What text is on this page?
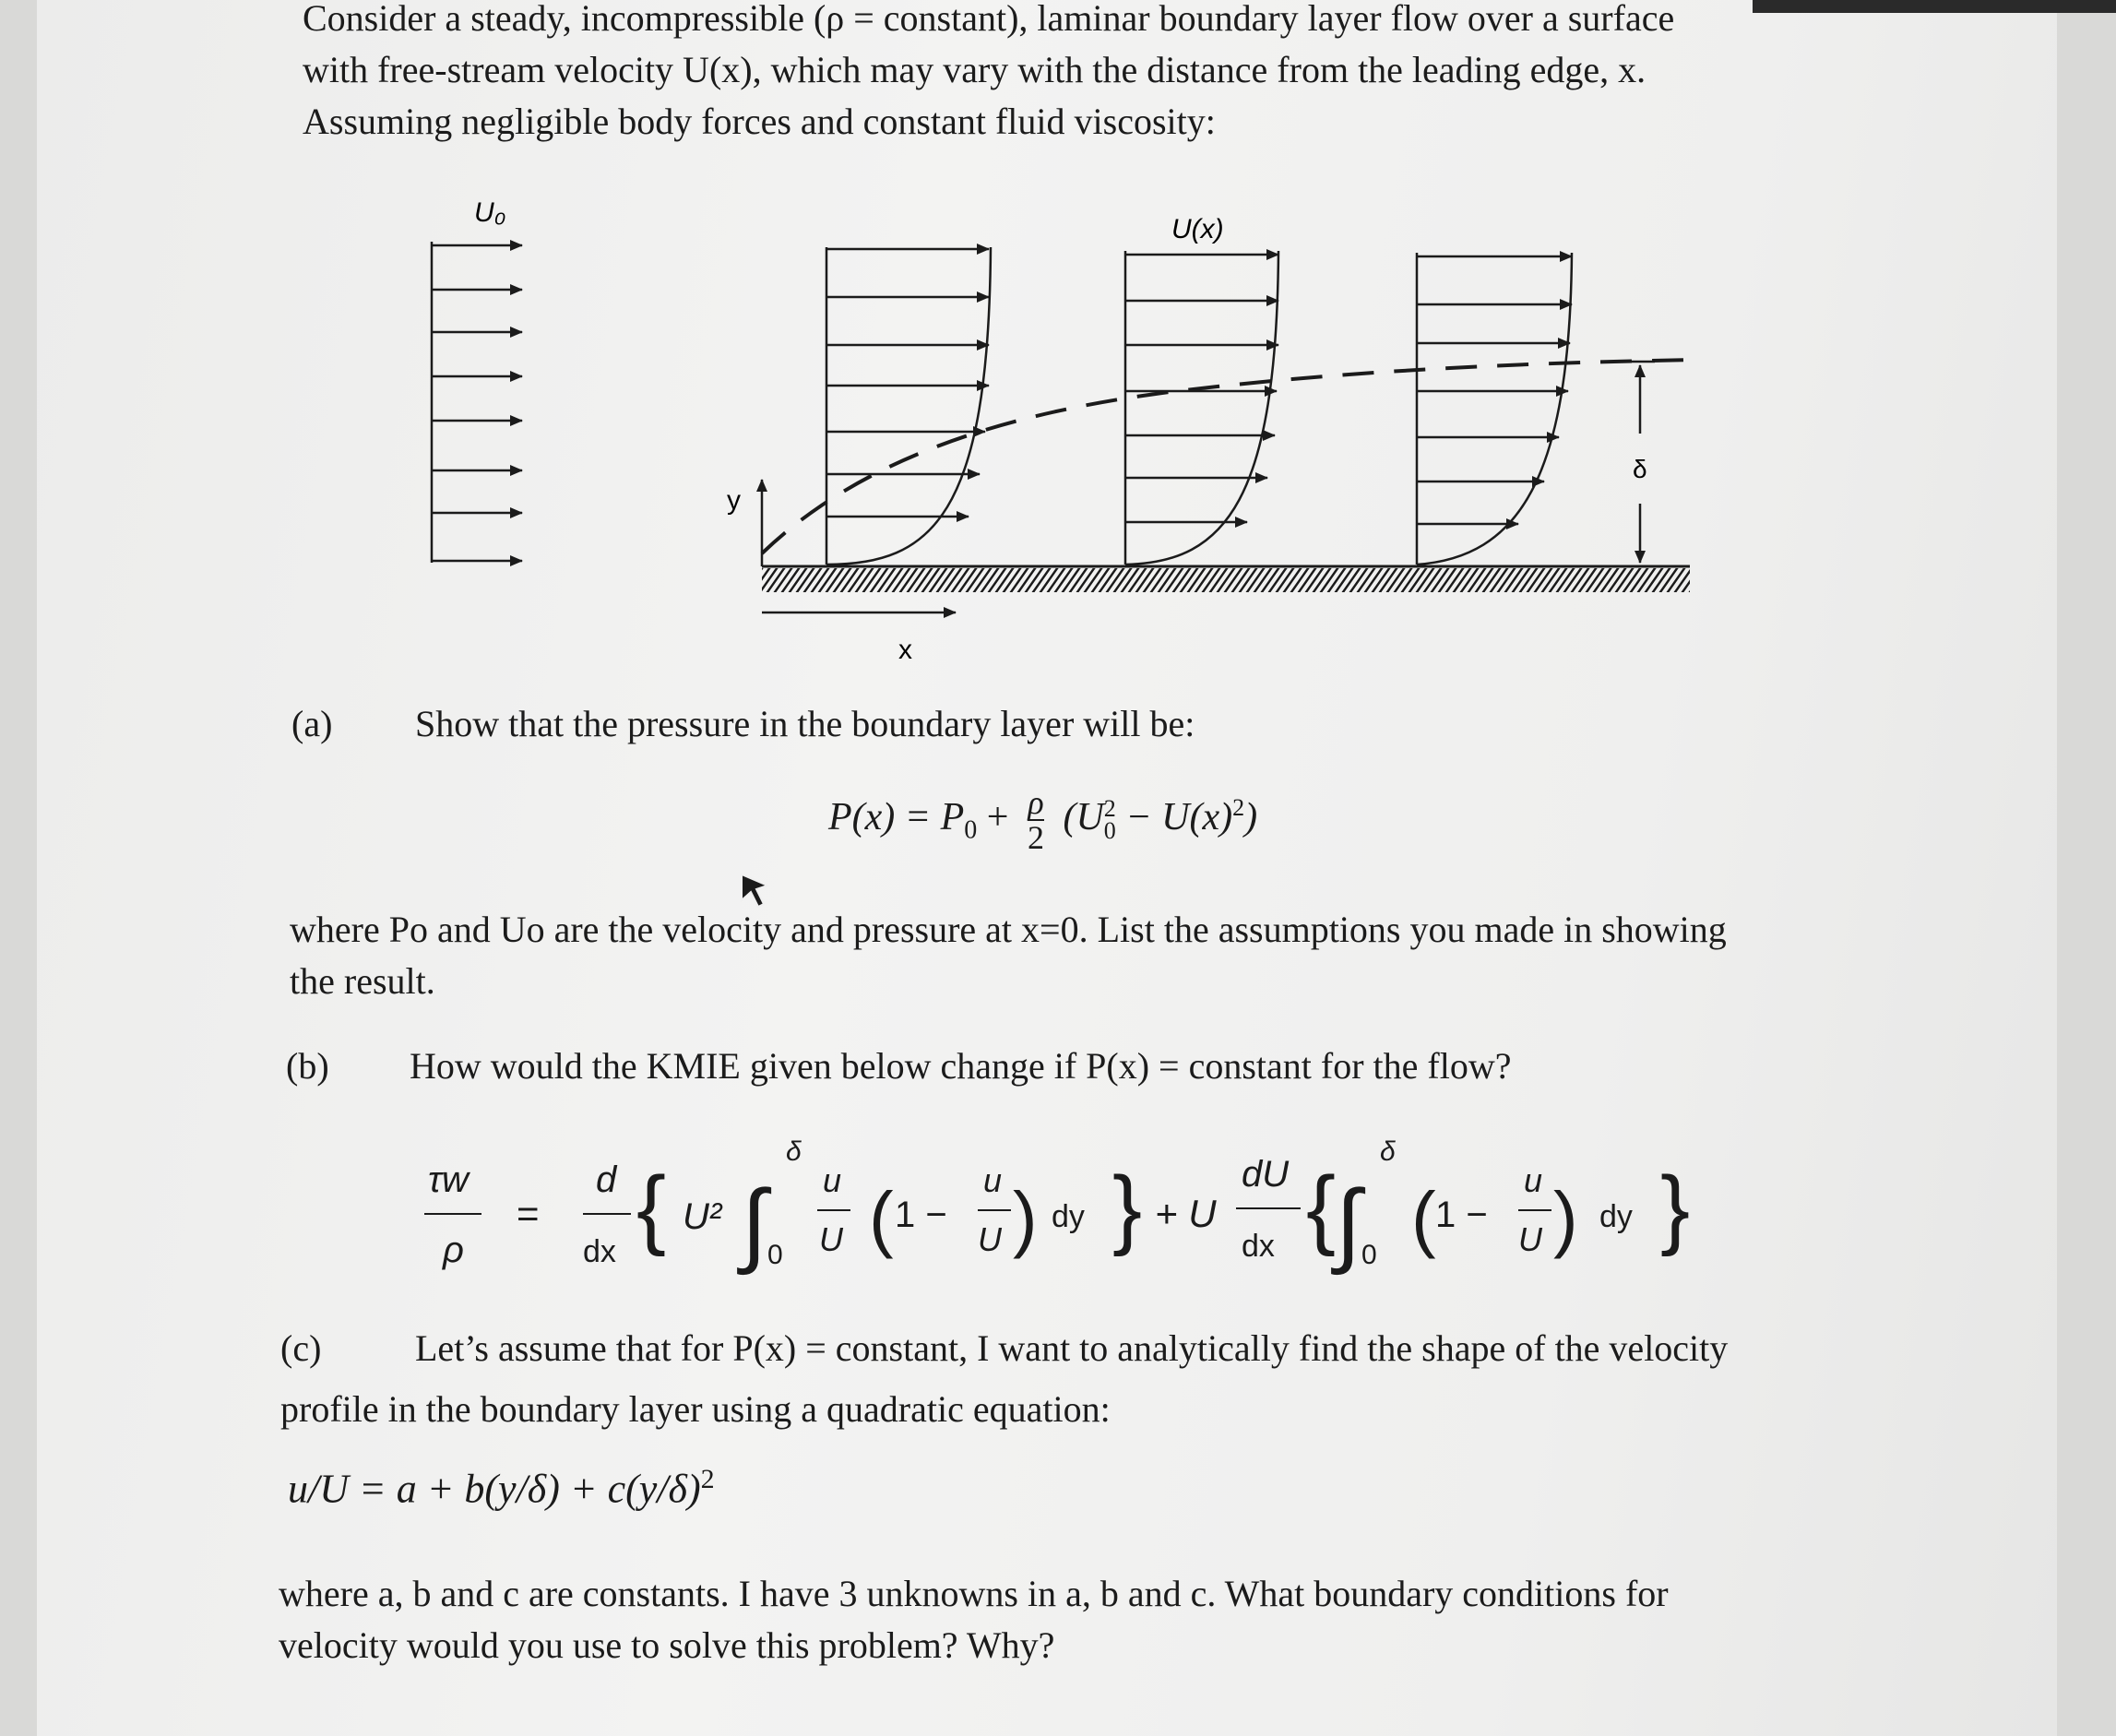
Consider a steady, incompressible (ρ = constant), laminar boundary layer flow over a surface

with free-stream velocity U(x), which may vary with the distance from the leading edge, x.

Assuming negligible body forces and constant fluid viscosity:

U₀
U(x)
y
x
δ

(a) Show that the pressure in the boundary layer will be:

$P(x) = P_0 + \frac{\rho}{2} (U$ 2
$0 - U(x)^2$)

where Po and Uo are the velocity and pressure at x=0. List the assumptions you made in showing

the result.

(b) How would the KMIE given below change if P(x) = constant for the flow?

τw
ρ
=
d
dx { U² ∫
δ
0
u
U ( 1 −
u
U ) dy } + U
dU
dx { ∫
δ
0 ( 1 −
u
U ) dy }

(c)	Let’s assume that for P(x) = constant, I want to analytically find the shape of the velocity

profile in the boundary layer using a quadratic equation:

$u/U = a + b(y/\delta) + c(y/\delta)^2$

where a, b and c are constants. I have 3 unknowns in a, b and c. What boundary conditions for

velocity would you use to solve this problem? Why?
